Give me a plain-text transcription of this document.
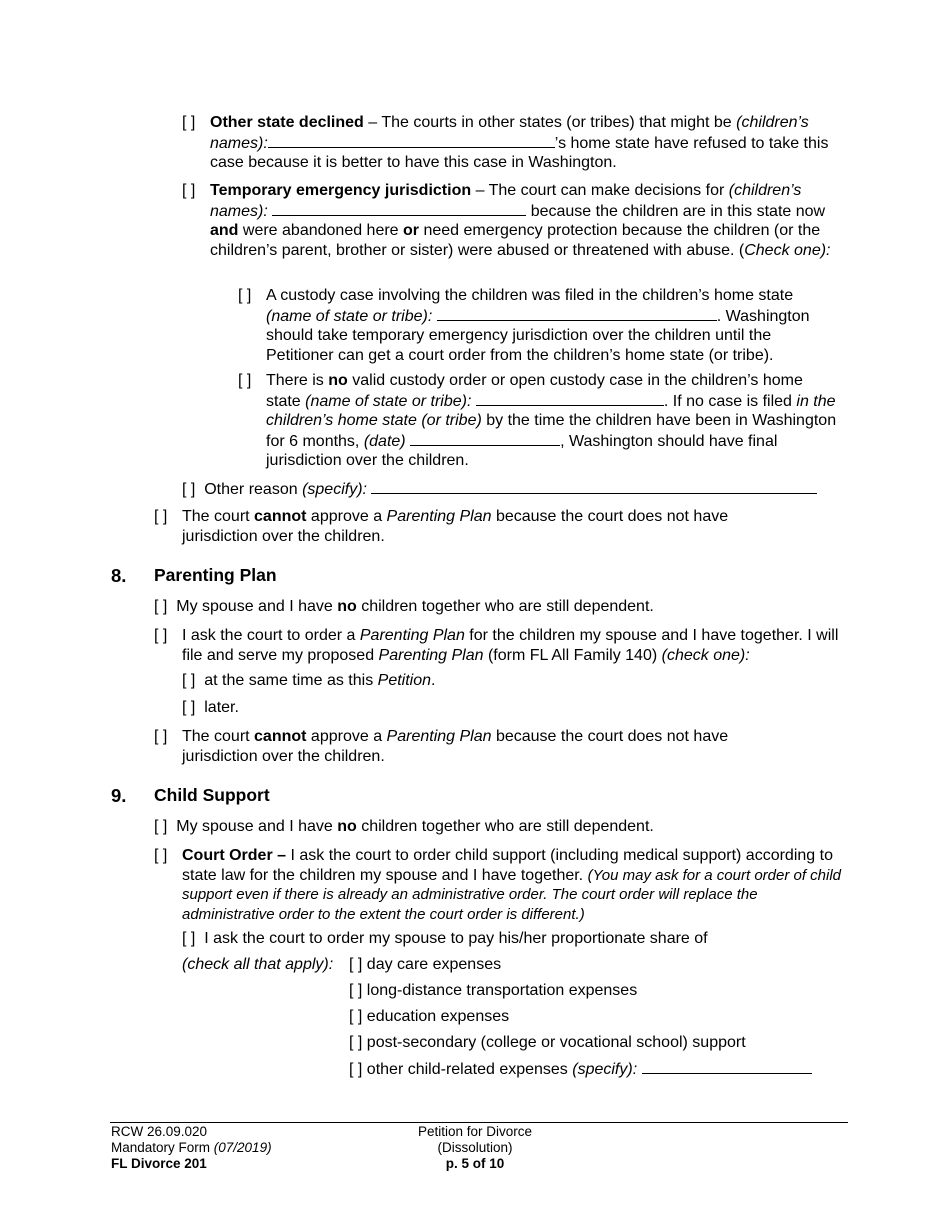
[ ] Other state declined – The courts in other states (or tribes) that might be (children’s names):	’s home state have refused to take this case because it is better to have this case in Washington.
[ ] Temporary emergency jurisdiction – The court can make decisions for (children’s names):	because the children are in this state now and were abandoned here or need emergency protection because the children (or the children’s parent, brother or sister) were abused or threatened with abuse. (Check one):
[ ] A custody case involving the children was filed in the children’s home state (name of state or tribe):	. Washington should take temporary emergency jurisdiction over the children until the Petitioner can get a court order from the children’s home state (or tribe).
[ ] There is no valid custody order or open custody case in the children’s home state (name of state or tribe):	. If no case is filed in the children’s home state (or tribe) by the time the children have been in Washington for 6 months, (date)	, Washington should have final jurisdiction over the children.
[ ] Other reason (specify):
[ ] The court cannot approve a Parenting Plan because the court does not have jurisdiction over the children.
8. Parenting Plan
[ ] My spouse and I have no children together who are still dependent.
[ ] I ask the court to order a Parenting Plan for the children my spouse and I have together. I will file and serve my proposed Parenting Plan (form FL All Family 140) (check one):
[ ] at the same time as this Petition.
[ ] later.
[ ] The court cannot approve a Parenting Plan because the court does not have jurisdiction over the children.
9. Child Support
[ ] My spouse and I have no children together who are still dependent.
[ ] Court Order – I ask the court to order child support (including medical support) according to state law for the children my spouse and I have together. (You may ask for a court order of child support even if there is already an administrative order. The court order will replace the administrative order to the extent the court order is different.)
[ ] I ask the court to order my spouse to pay his/her proportionate share of
(check all that apply): [ ] day care expenses
[ ] long-distance transportation expenses
[ ] education expenses
[ ] post-secondary (college or vocational school) support
[ ] other child-related expenses (specify):
RCW 26.09.020
Mandatory Form (07/2019)
FL Divorce 201
Petition for Divorce
(Dissolution)
p. 5 of 10
